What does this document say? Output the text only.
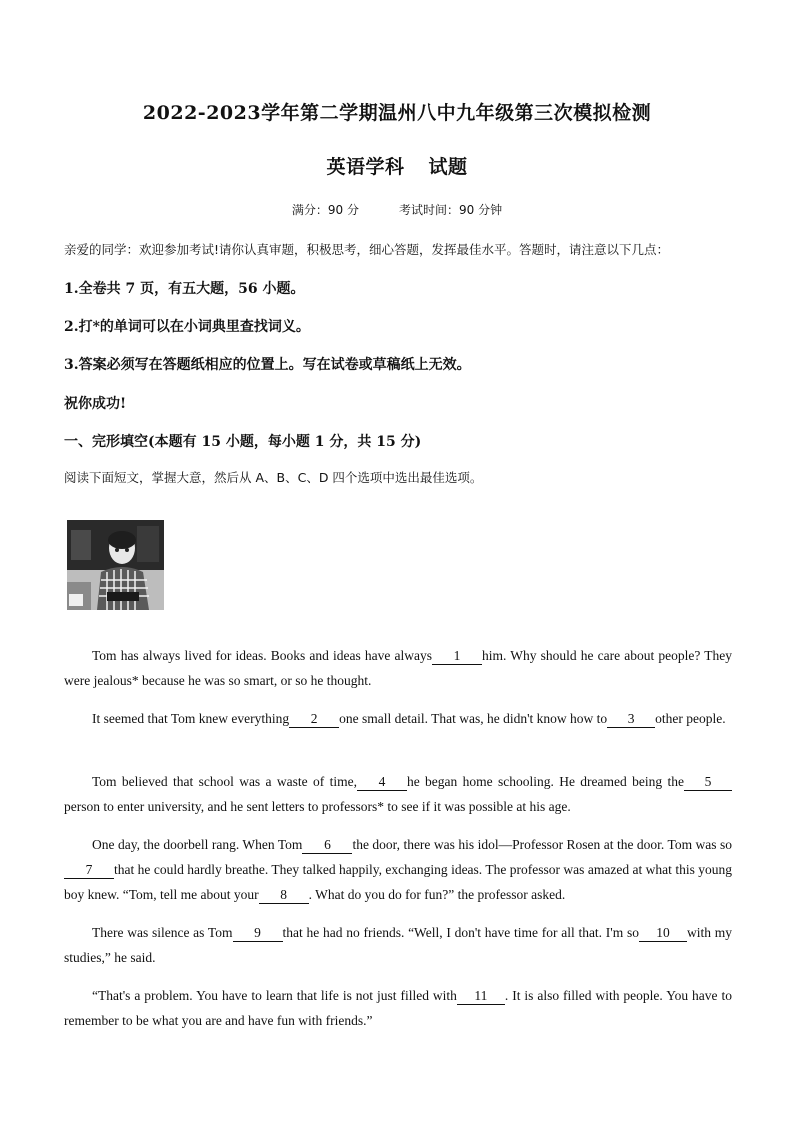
2022-2023学年第二学期温州八中九年级第三次模拟检测
英语学科 试题
满分：90 分	考试时间：90 分钟
亲爱的同学：欢迎参加考试!请你认真审题，积极思考，细心答题，发挥最佳水平。答题时，请注意以下几点：
1.全卷共 7 页，有五大题，56 小题。
2.打*的单词可以在小词典里查找词义。
3.答案必须写在答题纸相应的位置上。写在试卷或草稿纸上无效。
祝你成功!
一、完形填空(本题有 15 小题，每小题 1 分，共 15 分)
阅读下面短文，掌握大意，然后从 A、B、C、D 四个选项中选出最佳选项。
Tom has always lived for ideas. Books and ideas have always 1 him. Why should he care about people? They were jealous* because he was so smart, or so he thought.
It seemed that Tom knew everything 2 one small detail. That was, he didn't know how to 3 other people.
Tom believed that school was a waste of time, 4 he began home schooling. He dreamed being the 5person to enter university, and he sent letters to professors* to see if it was possible at his age.
One day, the doorbell rang. When Tom 6 the door, there was his idol—Professor Rosen at the door. Tom was so7 that he could hardly breathe. They talked happily, exchanging ideas. The professor was amazed at what this young boy knew. “Tom, tell me about your 8 . What do you do for fun?” the professor asked.
There was silence as Tom 9 that he had no friends. “Well, I don't have time for all that. I'm so 10 with my studies,” he said.
“That's a problem. You have to learn that life is not just filled with 11 . It is also filled with people. You have to remember to be what you are and have fun with friends.”
